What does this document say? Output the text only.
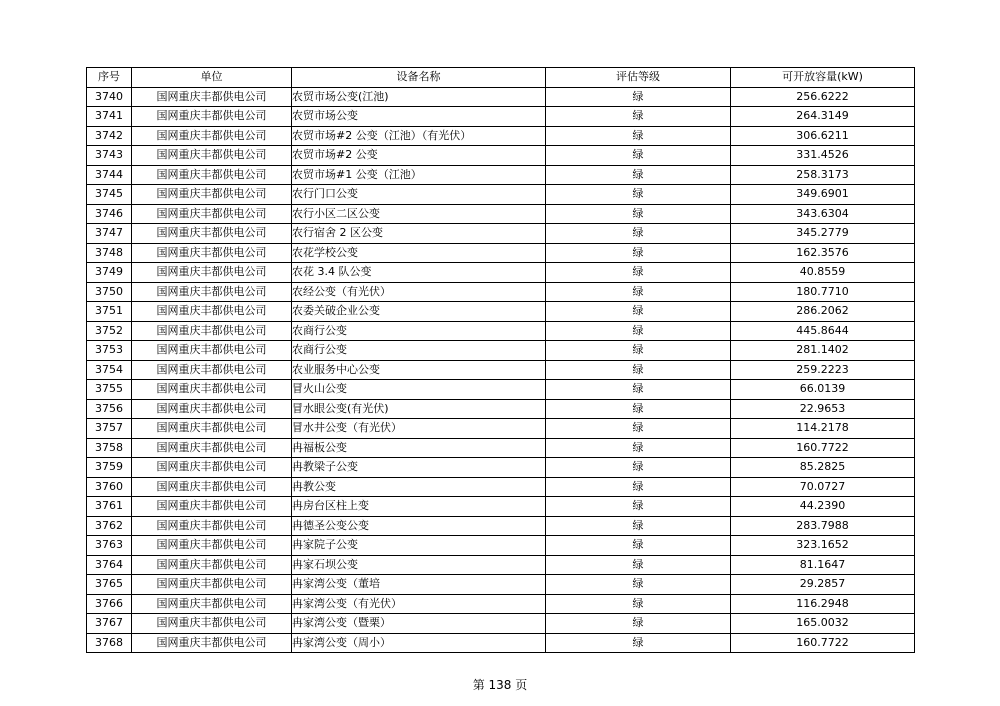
序号	单位	设备名称	评估等级	可开放容量(kW)
3740	国网重庆丰都供电公司	农贸市场公变(江池)	绿	256.6222
3741	国网重庆丰都供电公司	农贸市场公变	绿	264.3149
3742	国网重庆丰都供电公司	农贸市场#2 公变（江池）（有光伏）	绿	306.6211
3743	国网重庆丰都供电公司	农贸市场#2 公变	绿	331.4526
3744	国网重庆丰都供电公司	农贸市场#1 公变（江池）	绿	258.3173
3745	国网重庆丰都供电公司	农行门口公变	绿	349.6901
3746	国网重庆丰都供电公司	农行小区二区公变	绿	343.6304
3747	国网重庆丰都供电公司	农行宿舍 2 区公变	绿	345.2779
3748	国网重庆丰都供电公司	农花学校公变	绿	162.3576
3749	国网重庆丰都供电公司	农花 3.4 队公变	绿	40.8559
3750	国网重庆丰都供电公司	农经公变（有光伏）	绿	180.7710
3751	国网重庆丰都供电公司	农委关破企业公变	绿	286.2062
3752	国网重庆丰都供电公司	农商行公变	绿	445.8644
3753	国网重庆丰都供电公司	农商行公变	绿	281.1402
3754	国网重庆丰都供电公司	农业服务中心公变	绿	259.2223
3755	国网重庆丰都供电公司	冒火山公变	绿	66.0139
3756	国网重庆丰都供电公司	冒水眼公变(有光伏)	绿	22.9653
3757	国网重庆丰都供电公司	冒水井公变（有光伏）	绿	114.2178
3758	国网重庆丰都供电公司	冉福板公变	绿	160.7722
3759	国网重庆丰都供电公司	冉教梁子公变	绿	85.2825
3760	国网重庆丰都供电公司	冉教公变	绿	70.0727
3761	国网重庆丰都供电公司	冉房台区柱上变	绿	44.2390
3762	国网重庆丰都供电公司	冉德圣公变公变	绿	283.7988
3763	国网重庆丰都供电公司	冉家院子公变	绿	323.1652
3764	国网重庆丰都供电公司	冉家石坝公变	绿	81.1647
3765	国网重庆丰都供电公司	冉家湾公变（董培	绿	29.2857
3766	国网重庆丰都供电公司	冉家湾公变（有光伏）	绿	116.2948
3767	国网重庆丰都供电公司	冉家湾公变（暨栗）	绿	165.0032
3768	国网重庆丰都供电公司	冉家湾公变（周小）	绿	160.7722
第 138 页
